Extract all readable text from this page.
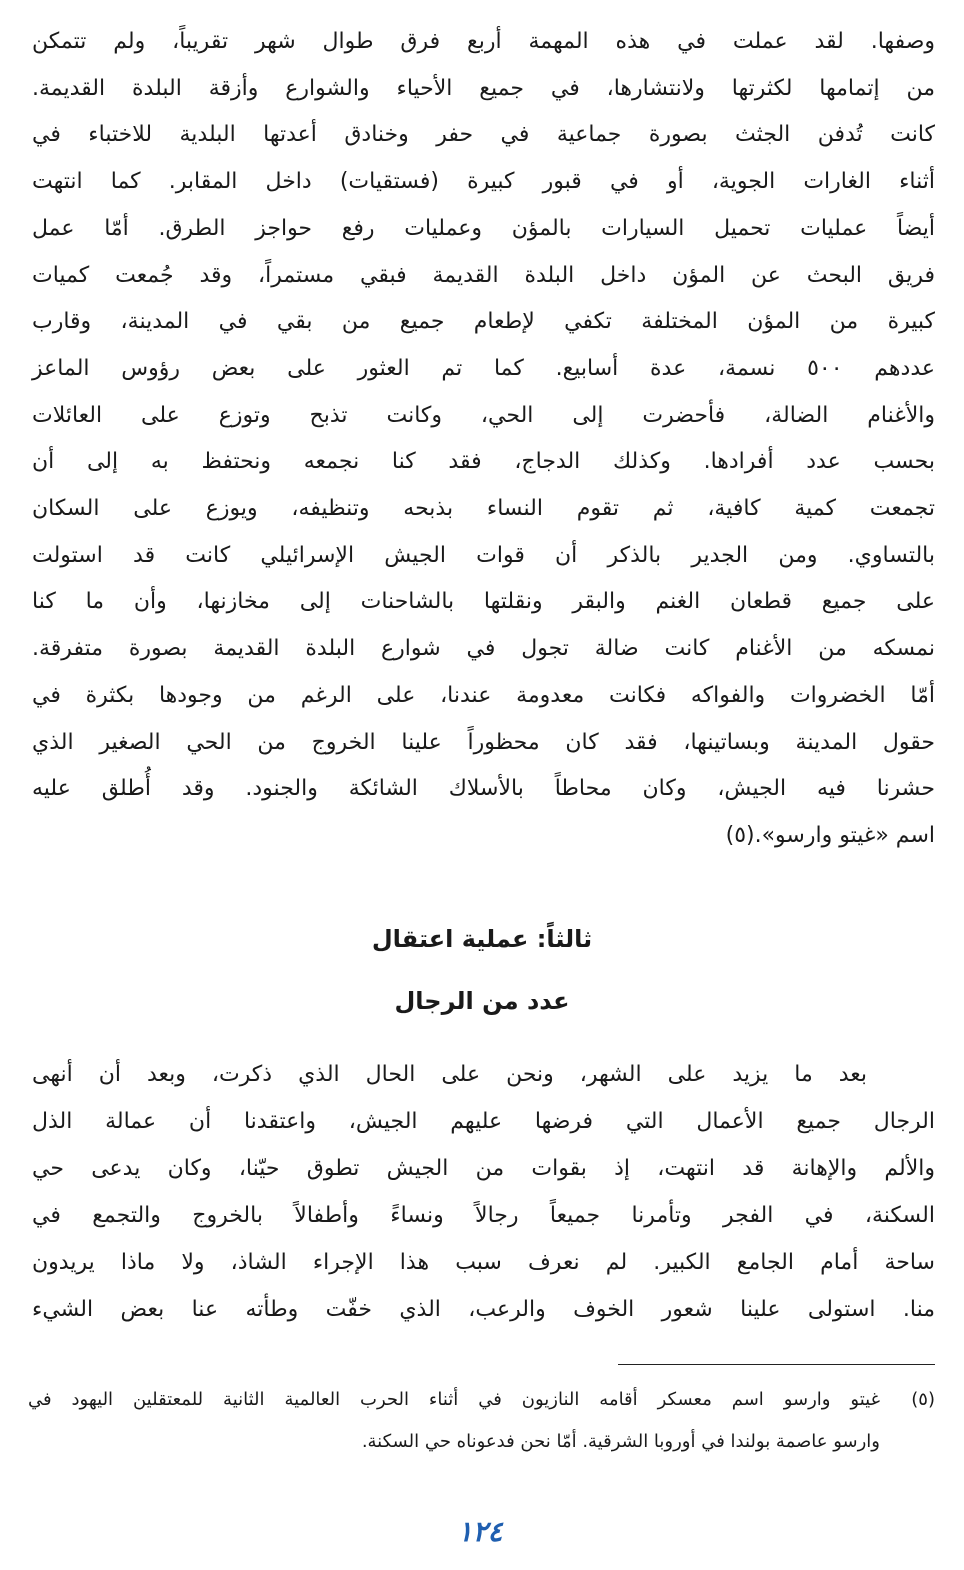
وصفها. لقد عملت في هذه المهمة أربع فرق طوال شهر تقريباً، ولم تتمكن
من إتمامها لكثرتها ولانتشارها، في جميع الأحياء والشوارع وأزقة البلدة القديمة.
كانت تُدفن الجثث بصورة جماعية في حفر وخنادق أعدتها البلدية للاختباء في
أثناء الغارات الجوية، أو في قبور كبيرة (فستقيات) داخل المقابر. كما انتهت
أيضاً عمليات تحميل السيارات بالمؤن وعمليات رفع حواجز الطرق. أمّا عمل
فريق البحث عن المؤن داخل البلدة القديمة فبقي مستمراً، وقد جُمعت كميات
كبيرة من المؤن المختلفة تكفي لإطعام جميع من بقي في المدينة، وقارب
عددهم ٥٠٠ نسمة، عدة أسابيع. كما تم العثور على بعض رؤوس الماعز
والأغنام الضالة، فأحضرت إلى الحي، وكانت تذبح وتوزع على العائلات
بحسب عدد أفرادها. وكذلك الدجاج، فقد كنا نجمعه ونحتفظ به إلى أن
تجمعت كمية كافية، ثم تقوم النساء بذبحه وتنظيفه، ويوزع على السكان
بالتساوي. ومن الجدير بالذكر أن قوات الجيش الإسرائيلي كانت قد استولت
على جميع قطعان الغنم والبقر ونقلتها بالشاحنات إلى مخازنها، وأن ما كنا
نمسكه من الأغنام كانت ضالة تجول في شوارع البلدة القديمة بصورة متفرقة.
أمّا الخضروات والفواكه فكانت معدومة عندنا، على الرغم من وجودها بكثرة في
حقول المدينة وبساتينها، فقد كان محظوراً علينا الخروج من الحي الصغير الذي
حشرنا فيه الجيش، وكان محاطاً بالأسلاك الشائكة والجنود. وقد أُطلق عليه
اسم «غيتو وارسو».(٥)
ثالثاً: عملية اعتقال
عدد من الرجال
بعد ما يزيد على الشهر، ونحن على الحال الذي ذكرت، وبعد أن أنهى
الرجال جميع الأعمال التي فرضها عليهم الجيش، واعتقدنا أن عمالة الذل
والألم والإهانة قد انتهت، إذ بقوات من الجيش تطوق حيّنا، وكان يدعى حي
السكنة، في الفجر وتأمرنا جميعاً رجالاً ونساءً وأطفالاً بالخروج والتجمع في
ساحة أمام الجامع الكبير. لم نعرف سبب هذا الإجراء الشاذ، ولا ماذا يريدون
منا. استولى علينا شعور الخوف والرعب، الذي خفّت وطأته عنا بعض الشيء
(٥)
غيتو وارسو اسم معسكر أقامه النازيون في أثناء الحرب العالمية الثانية للمعتقلين اليهود في
وارسو عاصمة بولندا في أوروبا الشرقية. أمّا نحن فدعوناه حي السكنة.
١٢٤
